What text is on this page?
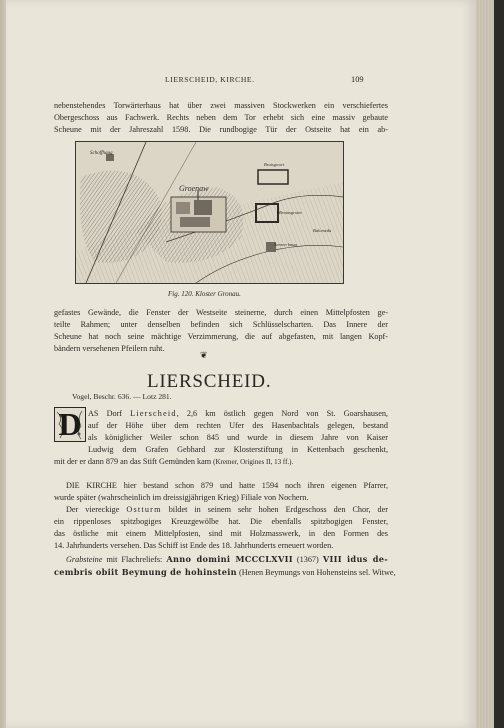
LIERSCHEID, KIRCHE.	109
nebenstehendes Torwärterhaus hat über zwei massiven Stockwerken ein verschiefertes
Obergeschoss aus Fachwerk. Rechts neben dem Tor erhebt sich eine massiv gebaute
Scheune mit der Jahreszahl 1598. Die rundbogige Tür der Ostseite hat ein ab-
Schoffhaug
Groenaw
Bruisgwort
Bruinsgrotm
Balomeda
Sanren haug
Fig. 120. Kloster Gronau.
gefastes Gewände, die Fenster der Westseite steinerne, durch einen Mittelpfosten ge-
teilte Rahmen; unter denselben befinden sich Schlüsselscharten. Das Innere der
Scheune hat noch seine mächtige Verzimmerung, die auf abgefasten, mit langen Kopf-
bändern versehenen Pfeilern ruht.
❦
LIERSCHEID.
Vogel, Beschr. 636. — Lotz 281.
D AS Dorf Lierscheid, 2,6 km östlich gegen Nord von St. Goarshausen,
auf der Höhe über dem rechten Ufer des Hasenbachtals gelegen, bestand
als königlicher Weiler schon 845 und wurde in diesem Jahre von Kaiser
Ludwig dem Grafen Gebhard zur Klosterstiftung in Kettenbach geschenkt,
mit der er dann 879 an das Stift Gemünden kam (Kremer, Origines II, 13 ff.).
DIE KIRCHE hier bestand schon 879 und hatte 1594 noch ihren eigenen Pfarrer,
wurde später (wahrscheinlich im dreissigjährigen Krieg) Filiale von Nochern.
Der viereckige Ostturm bildet in seinem sehr hohen Erdgeschoss den Chor, der
ein rippenloses spitzbogiges Kreuzgewölbe hat. Die ebenfalls spitzbogigen Fenster,
das östliche mit einem Mittelpfosten, sind mit Holzmasswerk, in den Formen des
14. Jahrhunderts versehen. Das Schiff ist Ende des 18. Jahrhunderts erneuert worden.
Grabsteine mit Flachreliefs: Anno domini MCCCLXVII (1367) VIII idus de-
cembris obiit Beymung de hohinstein (Henen Beymungs von Hohensteins sel. Witwe,
